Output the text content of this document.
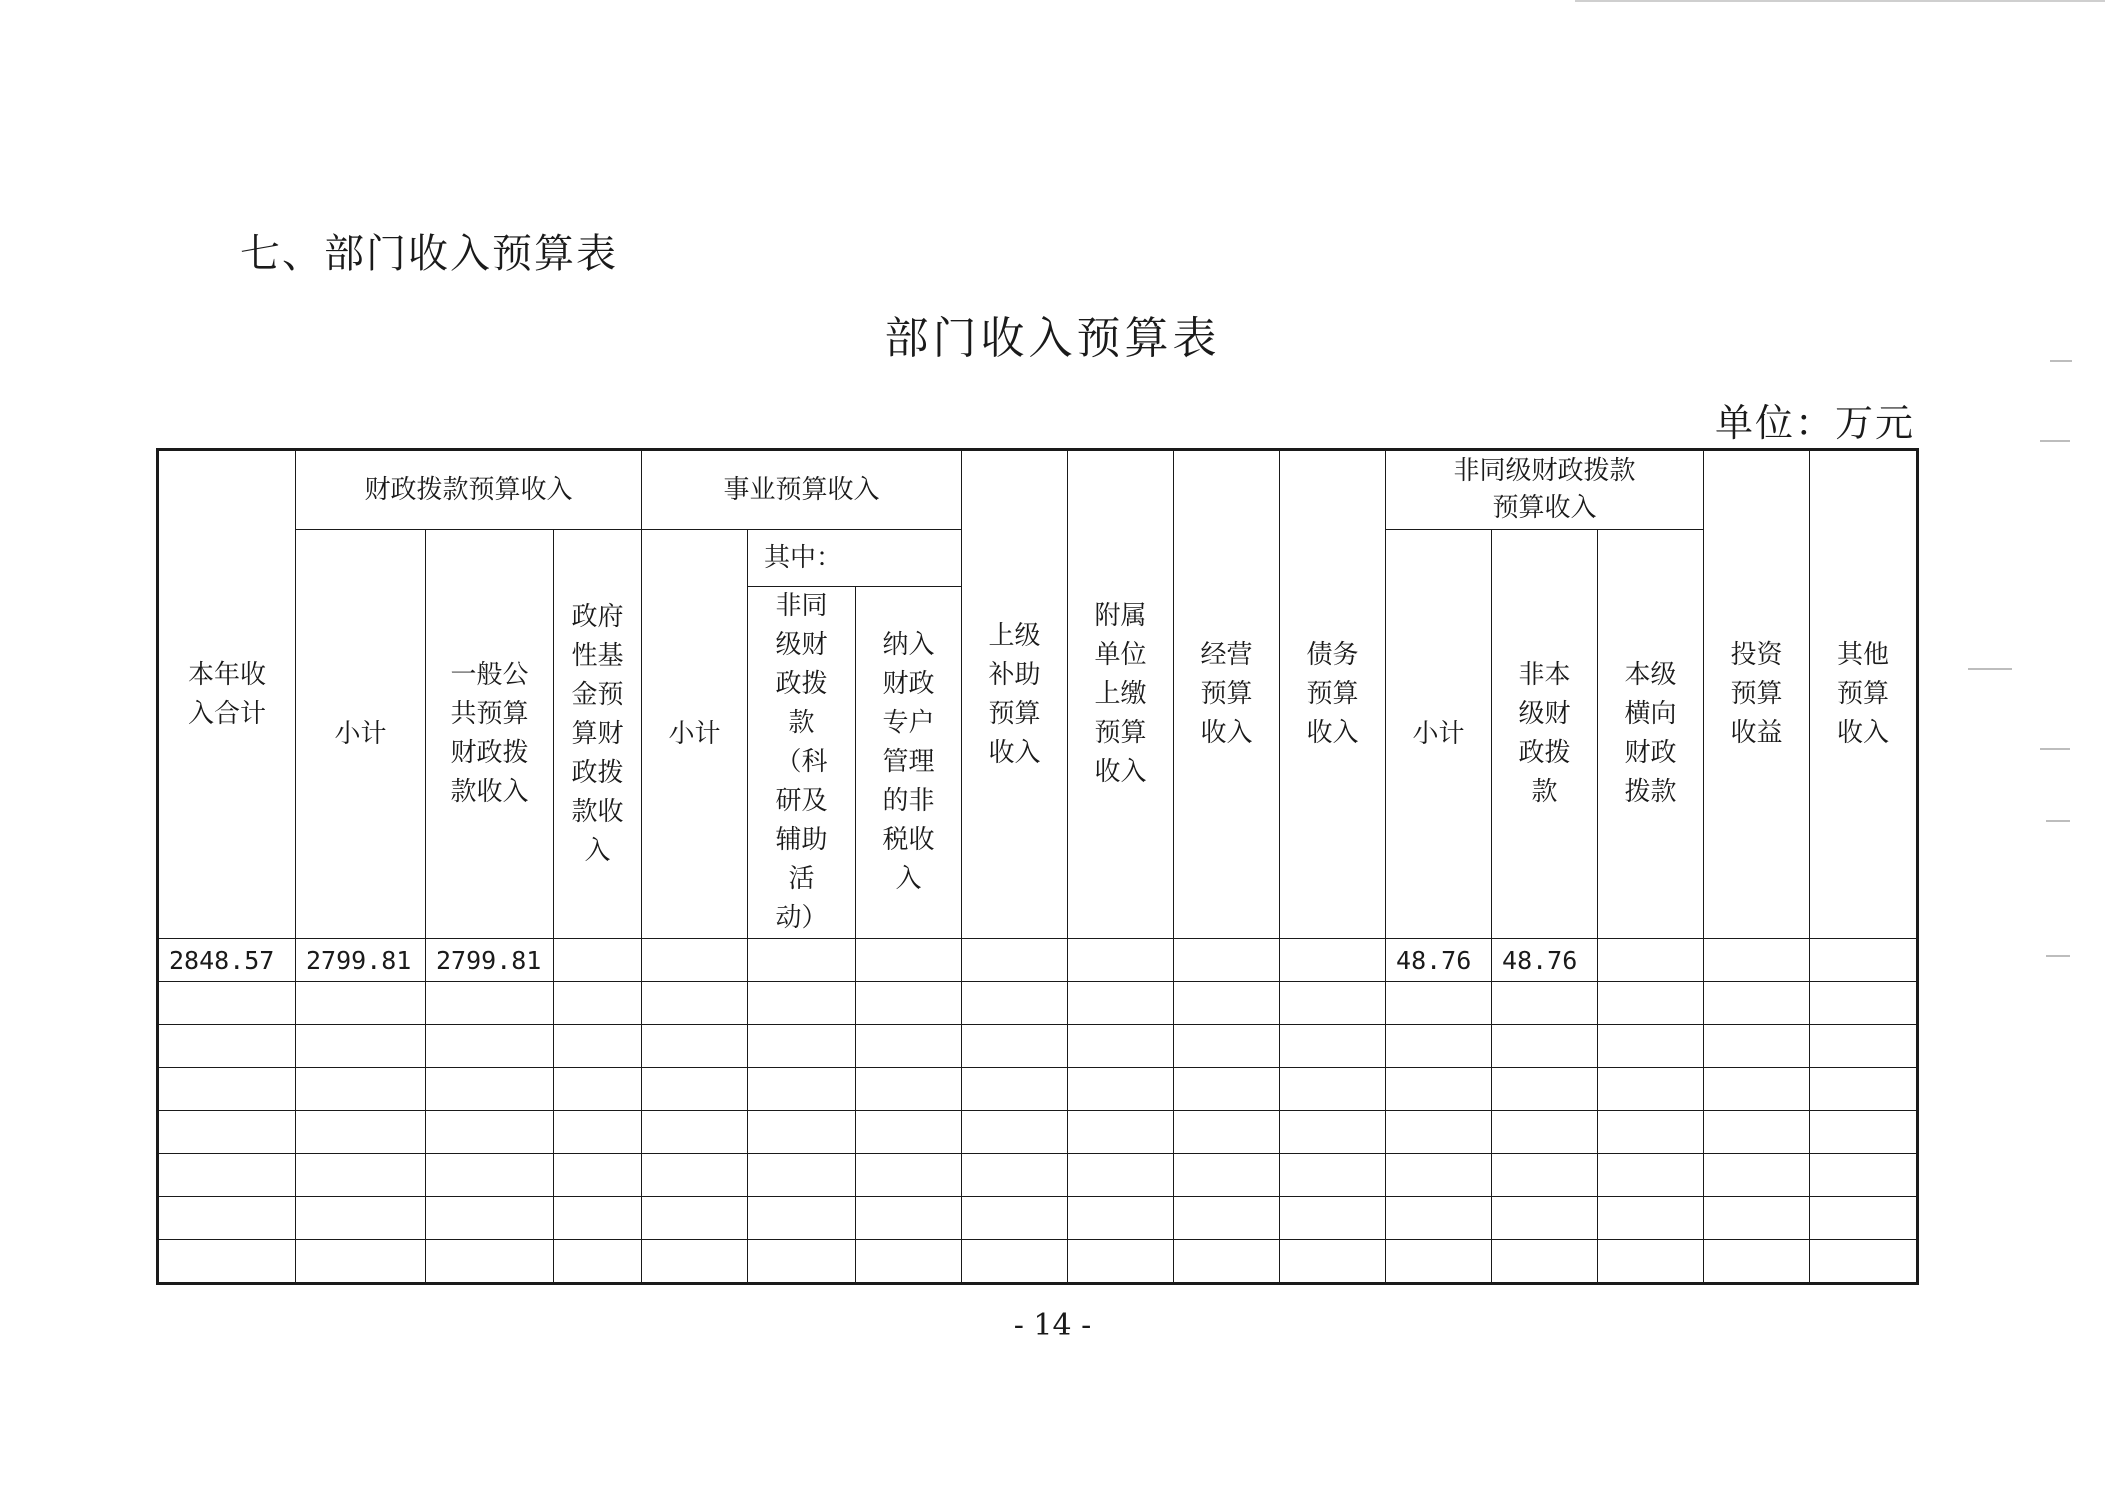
七、部门收入预算表
部门收入预算表
单位：万元
本年收入合计	财政拨款预算收入			事业预算收入			上级补助预算收入	附属单位上缴预算收入	经营预算收入	债务预算收入	非同级财政拨款预算收入			投资预算收益	其他预算收入
	小计	一般公共预算财政拨款收入	政府性基金预算财政拨款收入	小计	其中：						小计	非本级财政拨款	本级横向财政拨款		
					非同级财政拨款（科研及辅助活动）	纳入财政专户管理的非税收入									
2848.57	2799.81	2799.81									48.76	48.76			

- 14 -
